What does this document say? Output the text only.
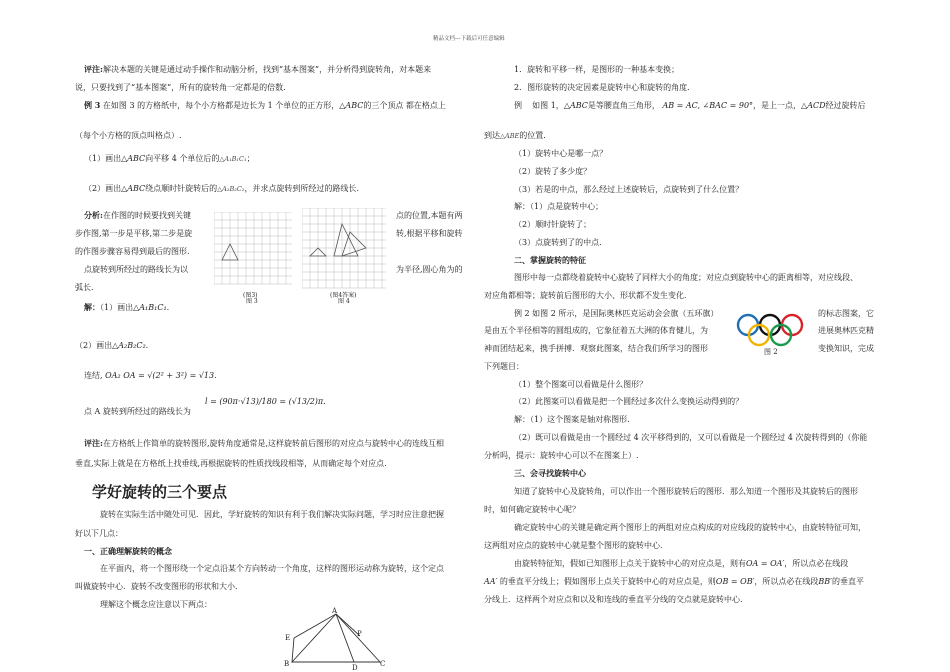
精品文档---下载后可任意编辑
评注:解决本题的关键是通过动手操作和动脑分析，找到“基本图案”，并分析得到旋转角，对本题来
说，只要找到了“基本图案”，所有的旋转角一定都是的倍数.
例 3 在如图 3 的方格纸中，每个小方格都是边长为 1 个单位的正方形，△ABC的三个顶点 都在格点上
（每个小方格的顶点叫格点）.
（1）画出△ABC向平移 4 个单位后的△A₁B₁C₁；
（2）画出△ABC绕点顺时针旋转后的△A₂B₂C₂，并求点旋转到所经过的路线长.
分析:在作图的时候要找到关键	点的位置,本题有两
步作图,第一步是平移,第二步是旋	转,根据平移和旋转
的作图步骤容易得到最后的图形.
点旋转到所经过的路线长为以	为半径,圆心角为的
弧长.
(图3)
图 3
(图4答案)
图 4
解：（1）画出△A₁B₁C₁.
（2）画出△A₂B₂C₂.
连结, OA₂ OA = √(2² + 3²) = √13.
l = (90π·√13)/180 = (√13/2)π.
点 A 旋转到所经过的路线长为
评注:在方格纸上作简单的旋转图形,旋转角度通常是,这样旋转前后图形的对应点与旋转中心的连线互相
垂直,实际上就是在方格纸上找垂线,再根据旋转的性质找线段相等，从而确定每个对应点.
学好旋转的三个要点
旋转在实际生活中随处可见．因此，学好旋转的知识有利于我们解决实际问题，学习时应注意把握
好以下几点：
一、正确理解旋转的概念
在平面内，将一个图形绕一个定点沿某个方向转动一个角度，这样的图形运动称为旋转，这个定点
叫做旋转中心．旋转不改变图形的形状和大小．
理解这个概念应注意以下两点：
A
E	P
B	D	C
1．旋转和平移一样，是图形的一种基本变换；
2．图形旋转的决定因素是旋转中心和旋转的角度．
例 如图 1，△ABC是等腰直角三角形， AB = AC, ∠BAC = 90°，是上一点，△ACD经过旋转后
到达△ABE的位置．
（1）旋转中心是哪一点？
（2）旋转了多少度？
（3）若是的中点，那么经过上述旋转后，点旋转到了什么位置？
解：（1）点是旋转中心；
（2）顺时针旋转了；
（3）点旋转到了的中点．
二、掌握旋转的特征
图形中每一点都绕着旋转中心旋转了同样大小的角度；对应点到旋转中心的距离相等，对应线段、
对应角都相等；旋转前后图形的大小、形状都不发生变化．
例 2 如图 2 所示，是国际奥林匹克运动会会旗（五环旗）	的标志图案，它
是由五个半径相等的圆组成的，它象征着五大洲的体育健儿，为	进展奥林匹克精
神而团结起来，携手拼搏．观察此图案，结合我们所学习的图形	变换知识，完成
下列题目：
图 2
（1）整个图案可以看做是什么图形？
（2）此图案可以看做是把一个圆经过多次什么变换运动得到的？
解：（1）这个图案是轴对称图形.
（2）既可以看做是由一个圆经过 4 次平移得到的，又可以看做是一个圆经过 4 次旋转得到的（你能
分析吗，提示：旋转中心可以不在图案上）.
三、会寻找旋转中心
知道了旋转中心及旋转角，可以作出一个图形旋转后的图形．那么知道一个图形及其旋转后的图形
时，如何确定旋转中心呢？
确定旋转中心的关键是确定两个图形上的两组对应点构成的对应线段的旋转中心，由旋转特征可知，
这两组对应点的旋转中心就是整个图形的旋转中心．
由旋转特征知，假如已知图形上点关于旋转中心的对应点是，则有OA = OA′，所以点必在线段
AA′ 的垂直平分线上；假如图形上点关于旋转中心的对应点是，则OB = OB′，所以点必在线段BB′的垂直平
分线上．这样两个对应点和以及和连线的垂直平分线的交点就是旋转中心．
